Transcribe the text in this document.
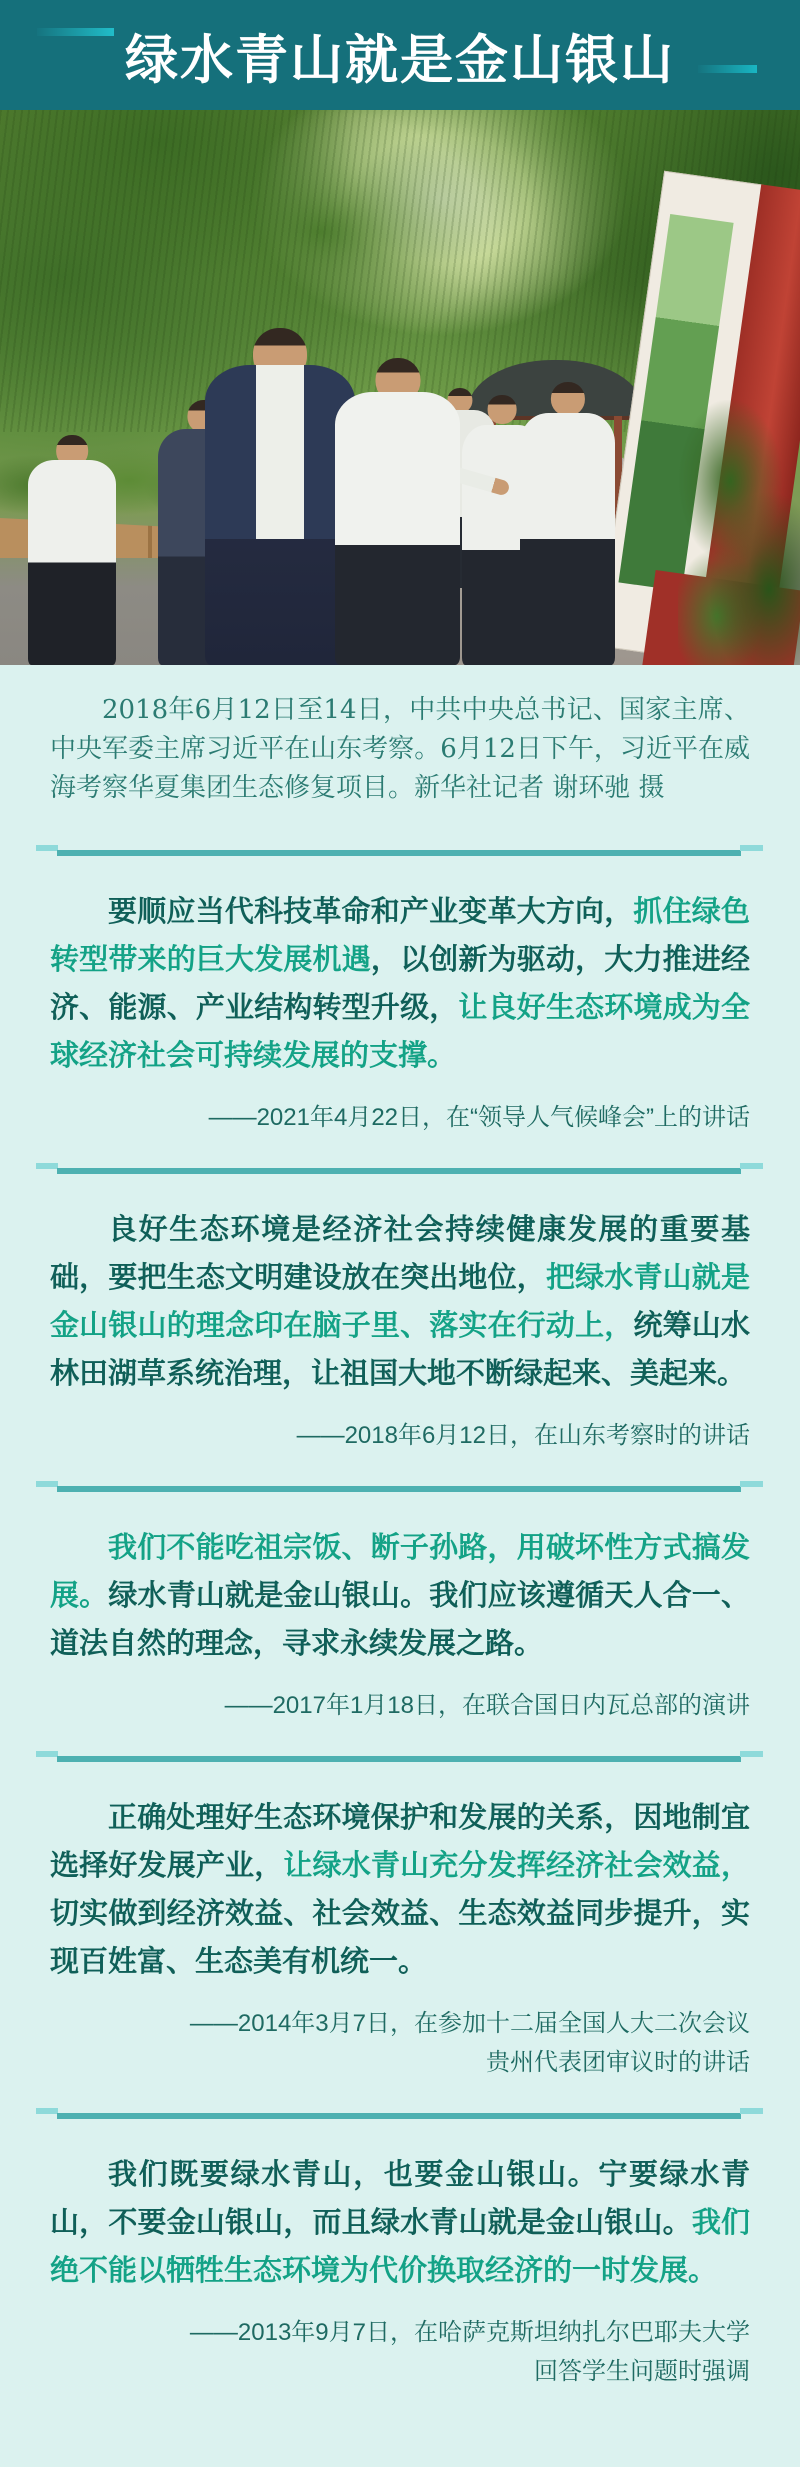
绿水青山就是金山银山

2018年6月12日至14日，中共中央总书记、国家主席、中央军委主席习近平在山东考察。6月12日下午，习近平在威海考察华夏集团生态修复项目。新华社记者 谢环驰 摄

要顺应当代科技革命和产业变革大方向，抓住绿色转型带来的巨大发展机遇，以创新为驱动，大力推进经济、能源、产业结构转型升级，让良好生态环境成为全球经济社会可持续发展的支撑。

——2021年4月22日，在“领导人气候峰会”上的讲话

良好生态环境是经济社会持续健康发展的重要基础，要把生态文明建设放在突出地位，把绿水青山就是金山银山的理念印在脑子里、落实在行动上，统筹山水林田湖草系统治理，让祖国大地不断绿起来、美起来。

——2018年6月12日，在山东考察时的讲话

我们不能吃祖宗饭、断子孙路，用破坏性方式搞发展。绿水青山就是金山银山。我们应该遵循天人合一、道法自然的理念，寻求永续发展之路。

——2017年1月18日，在联合国日内瓦总部的演讲

正确处理好生态环境保护和发展的关系，因地制宜选择好发展产业，让绿水青山充分发挥经济社会效益，切实做到经济效益、社会效益、生态效益同步提升，实现百姓富、生态美有机统一。

——2014年3月7日，在参加十二届全国人大二次会议
贵州代表团审议时的讲话

我们既要绿水青山，也要金山银山。宁要绿水青山，不要金山银山，而且绿水青山就是金山银山。我们绝不能以牺牲生态环境为代价换取经济的一时发展。

——2013年9月7日，在哈萨克斯坦纳扎尔巴耶夫大学
回答学生问题时强调
